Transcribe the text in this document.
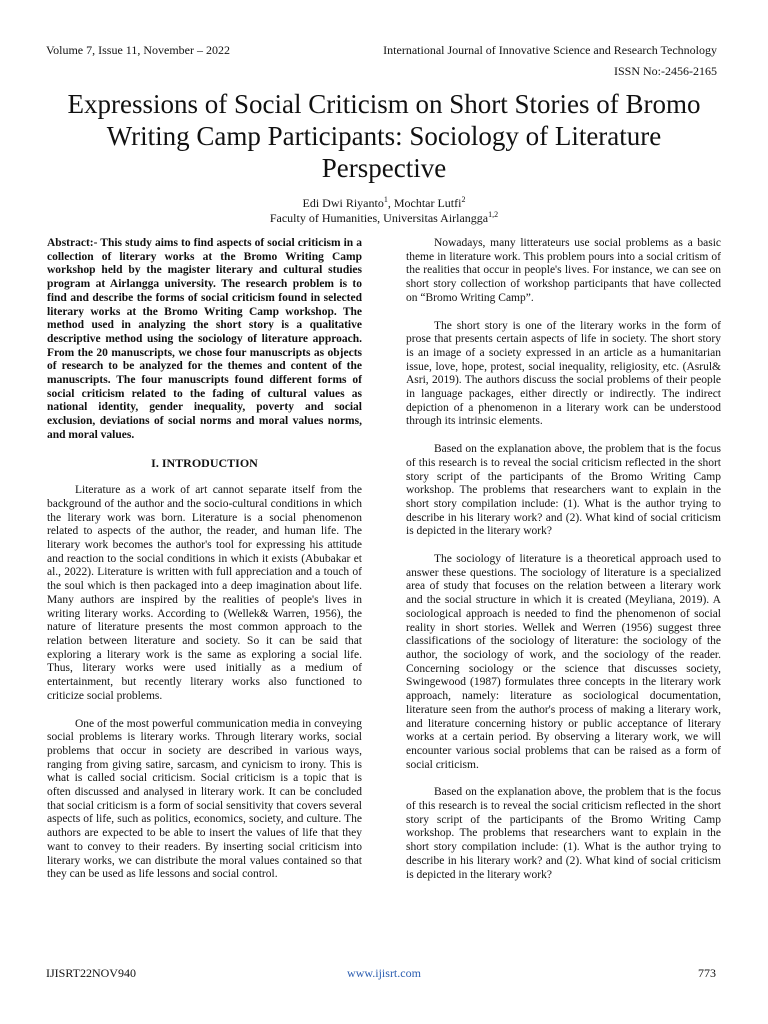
Volume 7, Issue 11, November – 2022	International Journal of Innovative Science and Research Technology
ISSN No:-2456-2165
Expressions of Social Criticism on Short Stories of Bromo Writing Camp Participants: Sociology of Literature Perspective
Edi Dwi Riyanto$^1$, Mochtar Lutfi$^2$
Faculty of Humanities, Universitas Airlangga$^{1,2}$

Abstract:- This study aims to find aspects of social criticism in a collection of literary works at the Bromo Writing Camp workshop held by the magister literary and cultural studies program at Airlangga university. The research problem is to find and describe the forms of social criticism found in selected literary works at the Bromo Writing Camp workshop. The method used in analyzing the short story is a qualitative descriptive method using the sociology of literature approach. From the 20 manuscripts, we chose four manuscripts as objects of research to be analyzed for the themes and content of the manuscripts. The four manuscripts found different forms of social criticism related to the fading of cultural values as national identity, gender inequality, poverty and social exclusion, deviations of social norms and moral values norms, and moral values.

I. INTRODUCTION

Literature as a work of art cannot separate itself from the background of the author and the socio-cultural conditions in which the literary work was born. Literature is a social phenomenon related to aspects of the author, the reader, and human life. The literary work becomes the author's tool for expressing his attitude and reaction to the social conditions in which it exists (Abubakar et al., 2022). Literature is written with full appreciation and a touch of the soul which is then packaged into a deep imagination about life. Many authors are inspired by the realities of people's lives in writing literary works. According to (Wellek& Warren, 1956), the nature of literature presents the most common approach to the relation between literature and society. So it can be said that exploring a literary work is the same as exploring a social life. Thus, literary works were used initially as a medium of entertainment, but recently literary works also functioned to criticize social problems.

One of the most powerful communication media in conveying social problems is literary works. Through literary works, social problems that occur in society are described in various ways, ranging from giving satire, sarcasm, and cynicism to irony. This is what is called social criticism. Social criticism is a topic that is often discussed and analysed in literary work. It can be concluded that social criticism is a form of social sensitivity that covers several aspects of life, such as politics, economics, society, and culture. The authors are expected to be able to insert the values of life that they want to convey to their readers. By inserting social criticism into literary works, we can distribute the moral values contained so that they can be used as life lessons and social control.

Nowadays, many litterateurs use social problems as a basic theme in literature work. This problem pours into a social critism of the realities that occur in people's lives. For instance, we can see on short story collection of workshop participants that have collected on “Bromo Writing Camp”.

The short story is one of the literary works in the form of prose that presents certain aspects of life in society. The short story is an image of a society expressed in an article as a humanitarian issue, love, hope, protest, social inequality, religiosity, etc. (Asrul& Asri, 2019). The authors discuss the social problems of their people in language packages, either directly or indirectly. The indirect depiction of a phenomenon in a literary work can be understood through its intrinsic elements.

Based on the explanation above, the problem that is the focus of this research is to reveal the social criticism reflected in the short story script of the participants of the Bromo Writing Camp workshop. The problems that researchers want to explain in the short story compilation include: (1). What is the author trying to describe in his literary work? and (2). What kind of social criticism is depicted in the literary work?

The sociology of literature is a theoretical approach used to answer these questions. The sociology of literature is a specialized area of study that focuses on the relation between a literary work and the social structure in which it is created (Meyliana, 2019). A sociological approach is needed to find the phenomenon of social reality in short stories. Wellek and Werren (1956) suggest three classifications of the sociology of literature: the sociology of the author, the sociology of work, and the sociology of the reader. Concerning sociology or the science that discusses society, Swingewood (1987) formulates three concepts in the literary work approach, namely: literature as sociological documentation, literature seen from the author's process of making a literary work, and literature concerning history or public acceptance of literary works at a certain period. By observing a literary work, we will encounter various social problems that can be raised as a form of social criticism.

Based on the explanation above, the problem that is the focus of this research is to reveal the social criticism reflected in the short story script of the participants of the Bromo Writing Camp workshop. The problems that researchers want to explain in the short story compilation include: (1). What is the author trying to describe in his literary work? and (2). What kind of social criticism is depicted in the literary work?

IJISRT22NOV940	www.ijisrt.com	773
